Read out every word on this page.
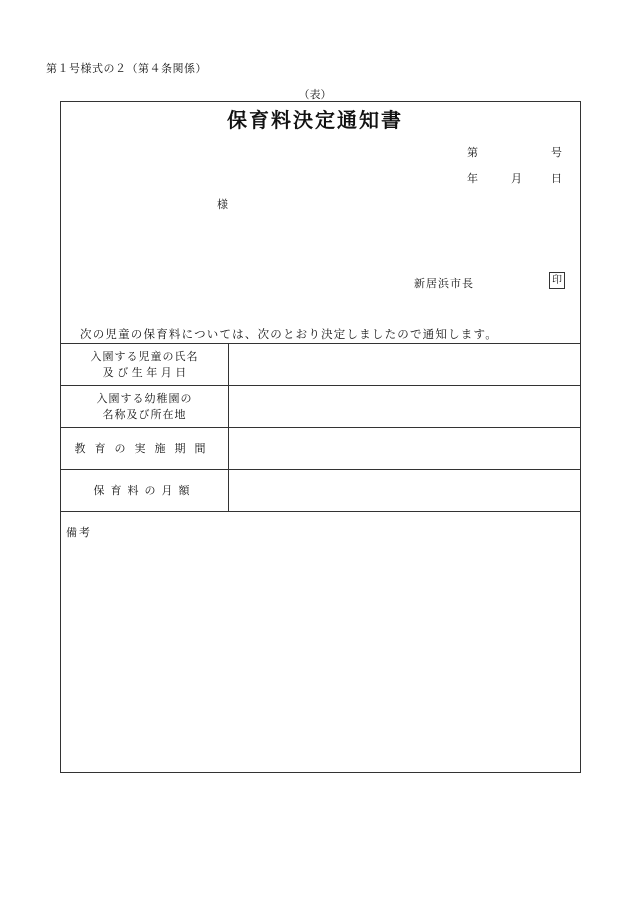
第１号様式の２（第４条関係）
（表）
保育料決定通知書
第	号
年	月	日
様
新居浜市長	印
次の児童の保育料については、次のとおり決定しましたので通知します。
入園する児童の氏名
及 び 生 年 月 日	

入園する幼稚園の
名称及び所在地	

教育の実施期間	

保育料の月額	

備考
